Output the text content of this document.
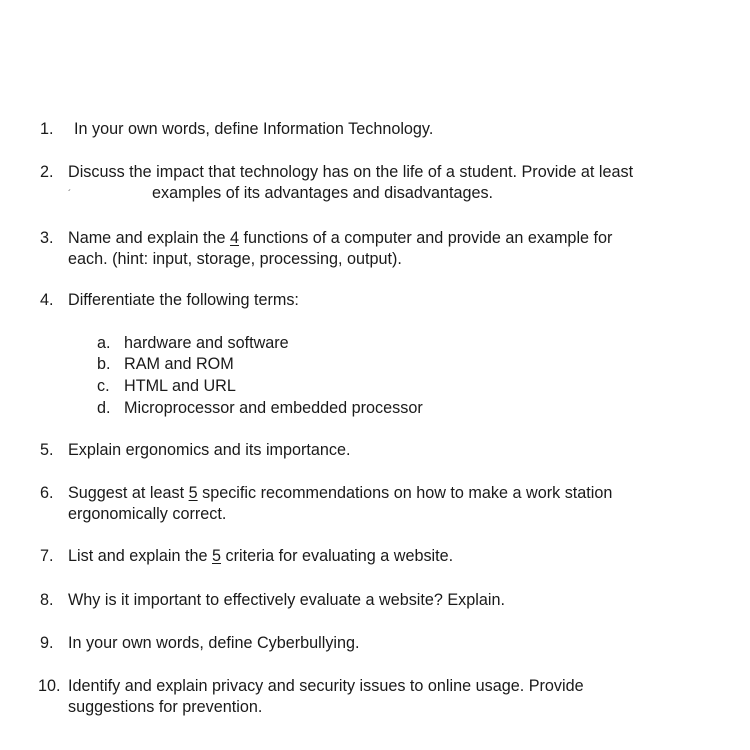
1. In your own words, define Information Technology.
2. Discuss the impact that technology has on the life of a student. Provide at least
examples of its advantages and disadvantages.
´
3. Name and explain the 4 functions of a computer and provide an example for
each. (hint: input, storage, processing, output).
4. Differentiate the following terms:
a. hardware and software
b. RAM and ROM
c. HTML and URL
d. Microprocessor and embedded processor
5. Explain ergonomics and its importance.
6. Suggest at least 5 specific recommendations on how to make a work station
ergonomically correct.
7. List and explain the 5 criteria for evaluating a website.
8. Why is it important to effectively evaluate a website? Explain.
9. In your own words, define Cyberbullying.
10. Identify and explain privacy and security issues to online usage. Provide
suggestions for prevention.
